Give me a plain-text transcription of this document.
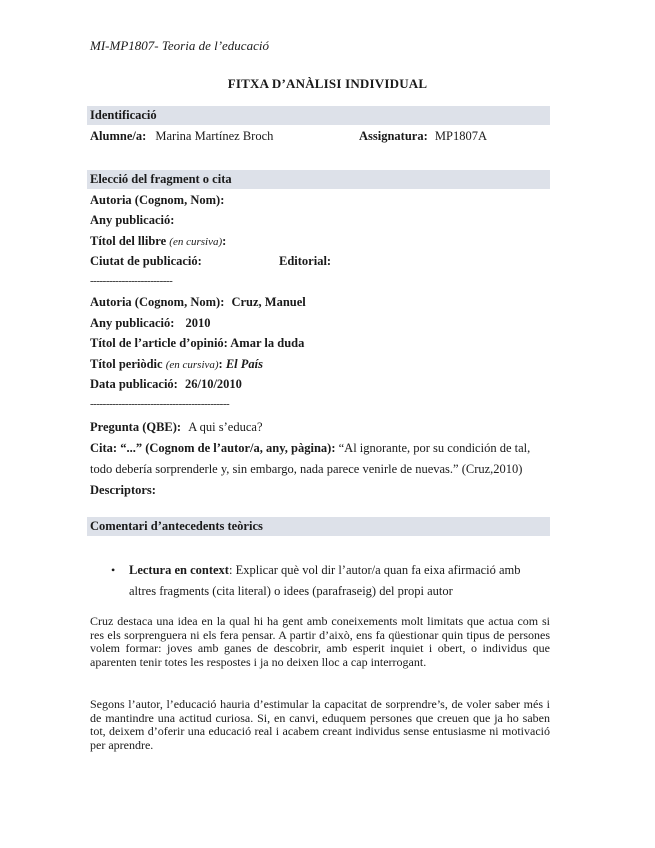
MI-MP1807- Teoria de l’educació
FITXA D’ANÀLISI INDIVIDUAL
Identificació
Alumne/a: Marina Martínez Broch	Assignatura: MP1807A
Elecció del fragment o cita
Autoria (Cognom, Nom):
Any publicació:
Títol del llibre (en cursiva):
Ciutat de publicació:	Editorial:
--------------------------
Autoria (Cognom, Nom): Cruz, Manuel
Any publicació: 2010
Títol de l’article d’opinió: Amar la duda
Títol periòdic (en cursiva): El País
Data publicació: 26/10/2010
--------------------------------------------
Pregunta (QBE): A qui s’educa?
Cita: “...” (Cognom de l’autor/a, any, pàgina): “Al ignorante, por su condición de tal,
todo debería sorprenderle y, sin embargo, nada parece venirle de nuevas.” (Cruz,2010)
Descriptors:
Comentari d’antecedents teòrics
• Lectura en context: Explicar què vol dir l’autor/a quan fa eixa afirmació amb
altres fragments (cita literal) o idees (parafraseig) del propi autor
Cruz destaca una idea en la qual hi ha gent amb coneixements molt limitats que actua com si res els sorprenguera ni els fera pensar. A partir d’això, ens fa qüestionar quin tipus de persones volem formar: joves amb ganes de descobrir, amb esperit inquiet i obert, o individus que aparenten tenir totes les respostes i ja no deixen lloc a cap interrogant.
Segons l’autor, l’educació hauria d’estimular la capacitat de sorprendre’s, de voler saber més i de mantindre una actitud curiosa. Si, en canvi, eduquem persones que creuen que ja ho saben tot, deixem d’oferir una educació real i acabem creant individus sense entusiasme ni motivació per aprendre.
